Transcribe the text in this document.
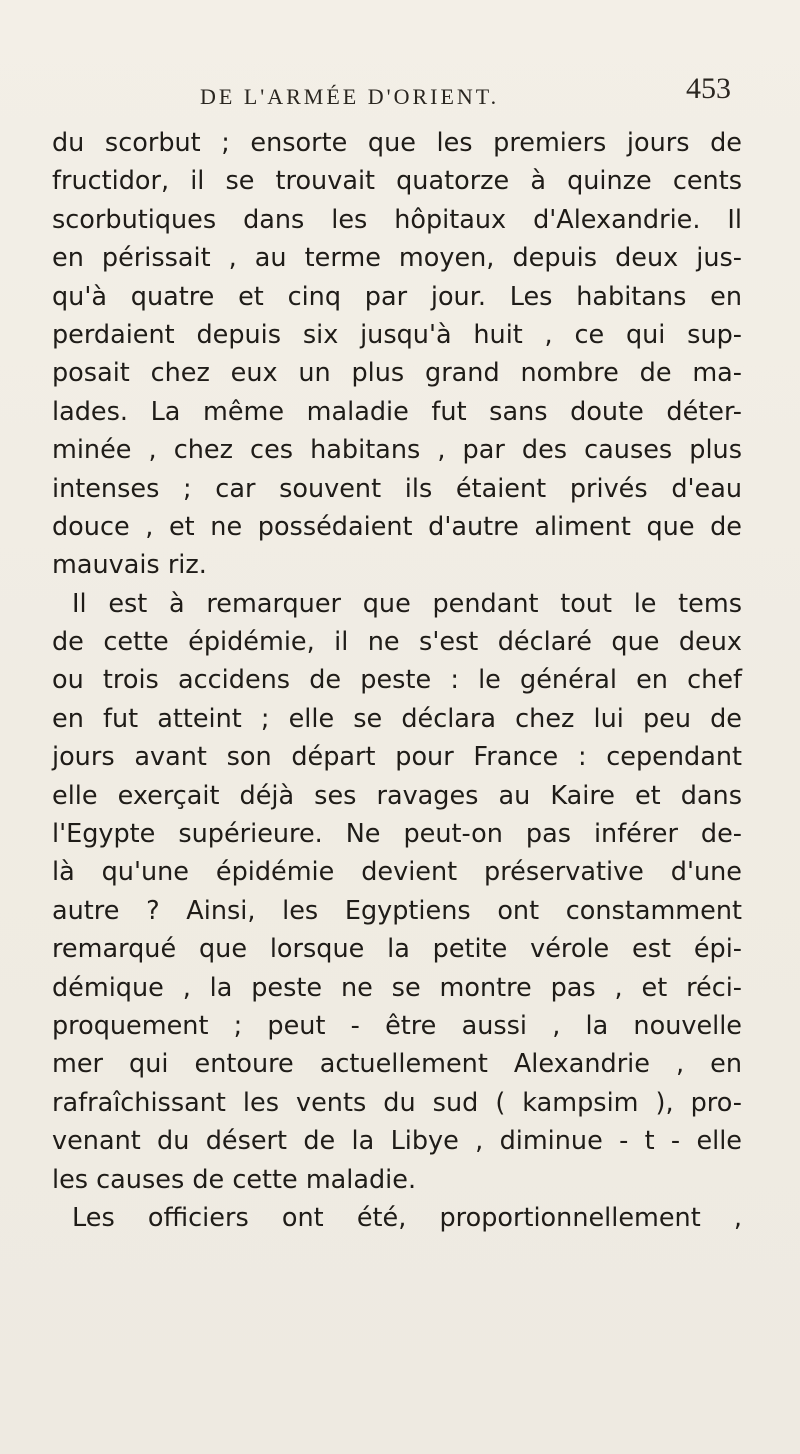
DE L'ARMÉE D'ORIENT.	453
du scorbut ; ensorte que les premiers jours de
fructidor, il se trouvait quatorze à quinze cents
scorbutiques dans les hôpitaux d'Alexandrie. Il
en périssait , au terme moyen, depuis deux jus-
qu'à quatre et cinq par jour. Les habitans en
perdaient depuis six jusqu'à huit , ce qui sup-
posait chez eux un plus grand nombre de ma-
lades. La même maladie fut sans doute déter-
minée , chez ces habitans , par des causes plus
intenses ; car souvent ils étaient privés d'eau
douce , et ne possédaient d'autre aliment que de
mauvais riz.
Il est à remarquer que pendant tout le tems
de cette épidémie, il ne s'est déclaré que deux
ou trois accidens de peste : le général en chef
en fut atteint ; elle se déclara chez lui peu de
jours avant son départ pour France : cependant
elle exerçait déjà ses ravages au Kaire et dans
l'Egypte supérieure. Ne peut-on pas inférer de-
là qu'une épidémie devient préservative d'une
autre ? Ainsi, les Egyptiens ont constamment
remarqué que lorsque la petite vérole est épi-
démique , la peste ne se montre pas , et réci-
proquement ; peut - être aussi , la nouvelle
mer qui entoure actuellement Alexandrie , en
rafraîchissant les vents du sud ( kampsim ), pro-
venant du désert de la Libye , diminue - t - elle
les causes de cette maladie.
Les officiers ont été, proportionnellement ,
